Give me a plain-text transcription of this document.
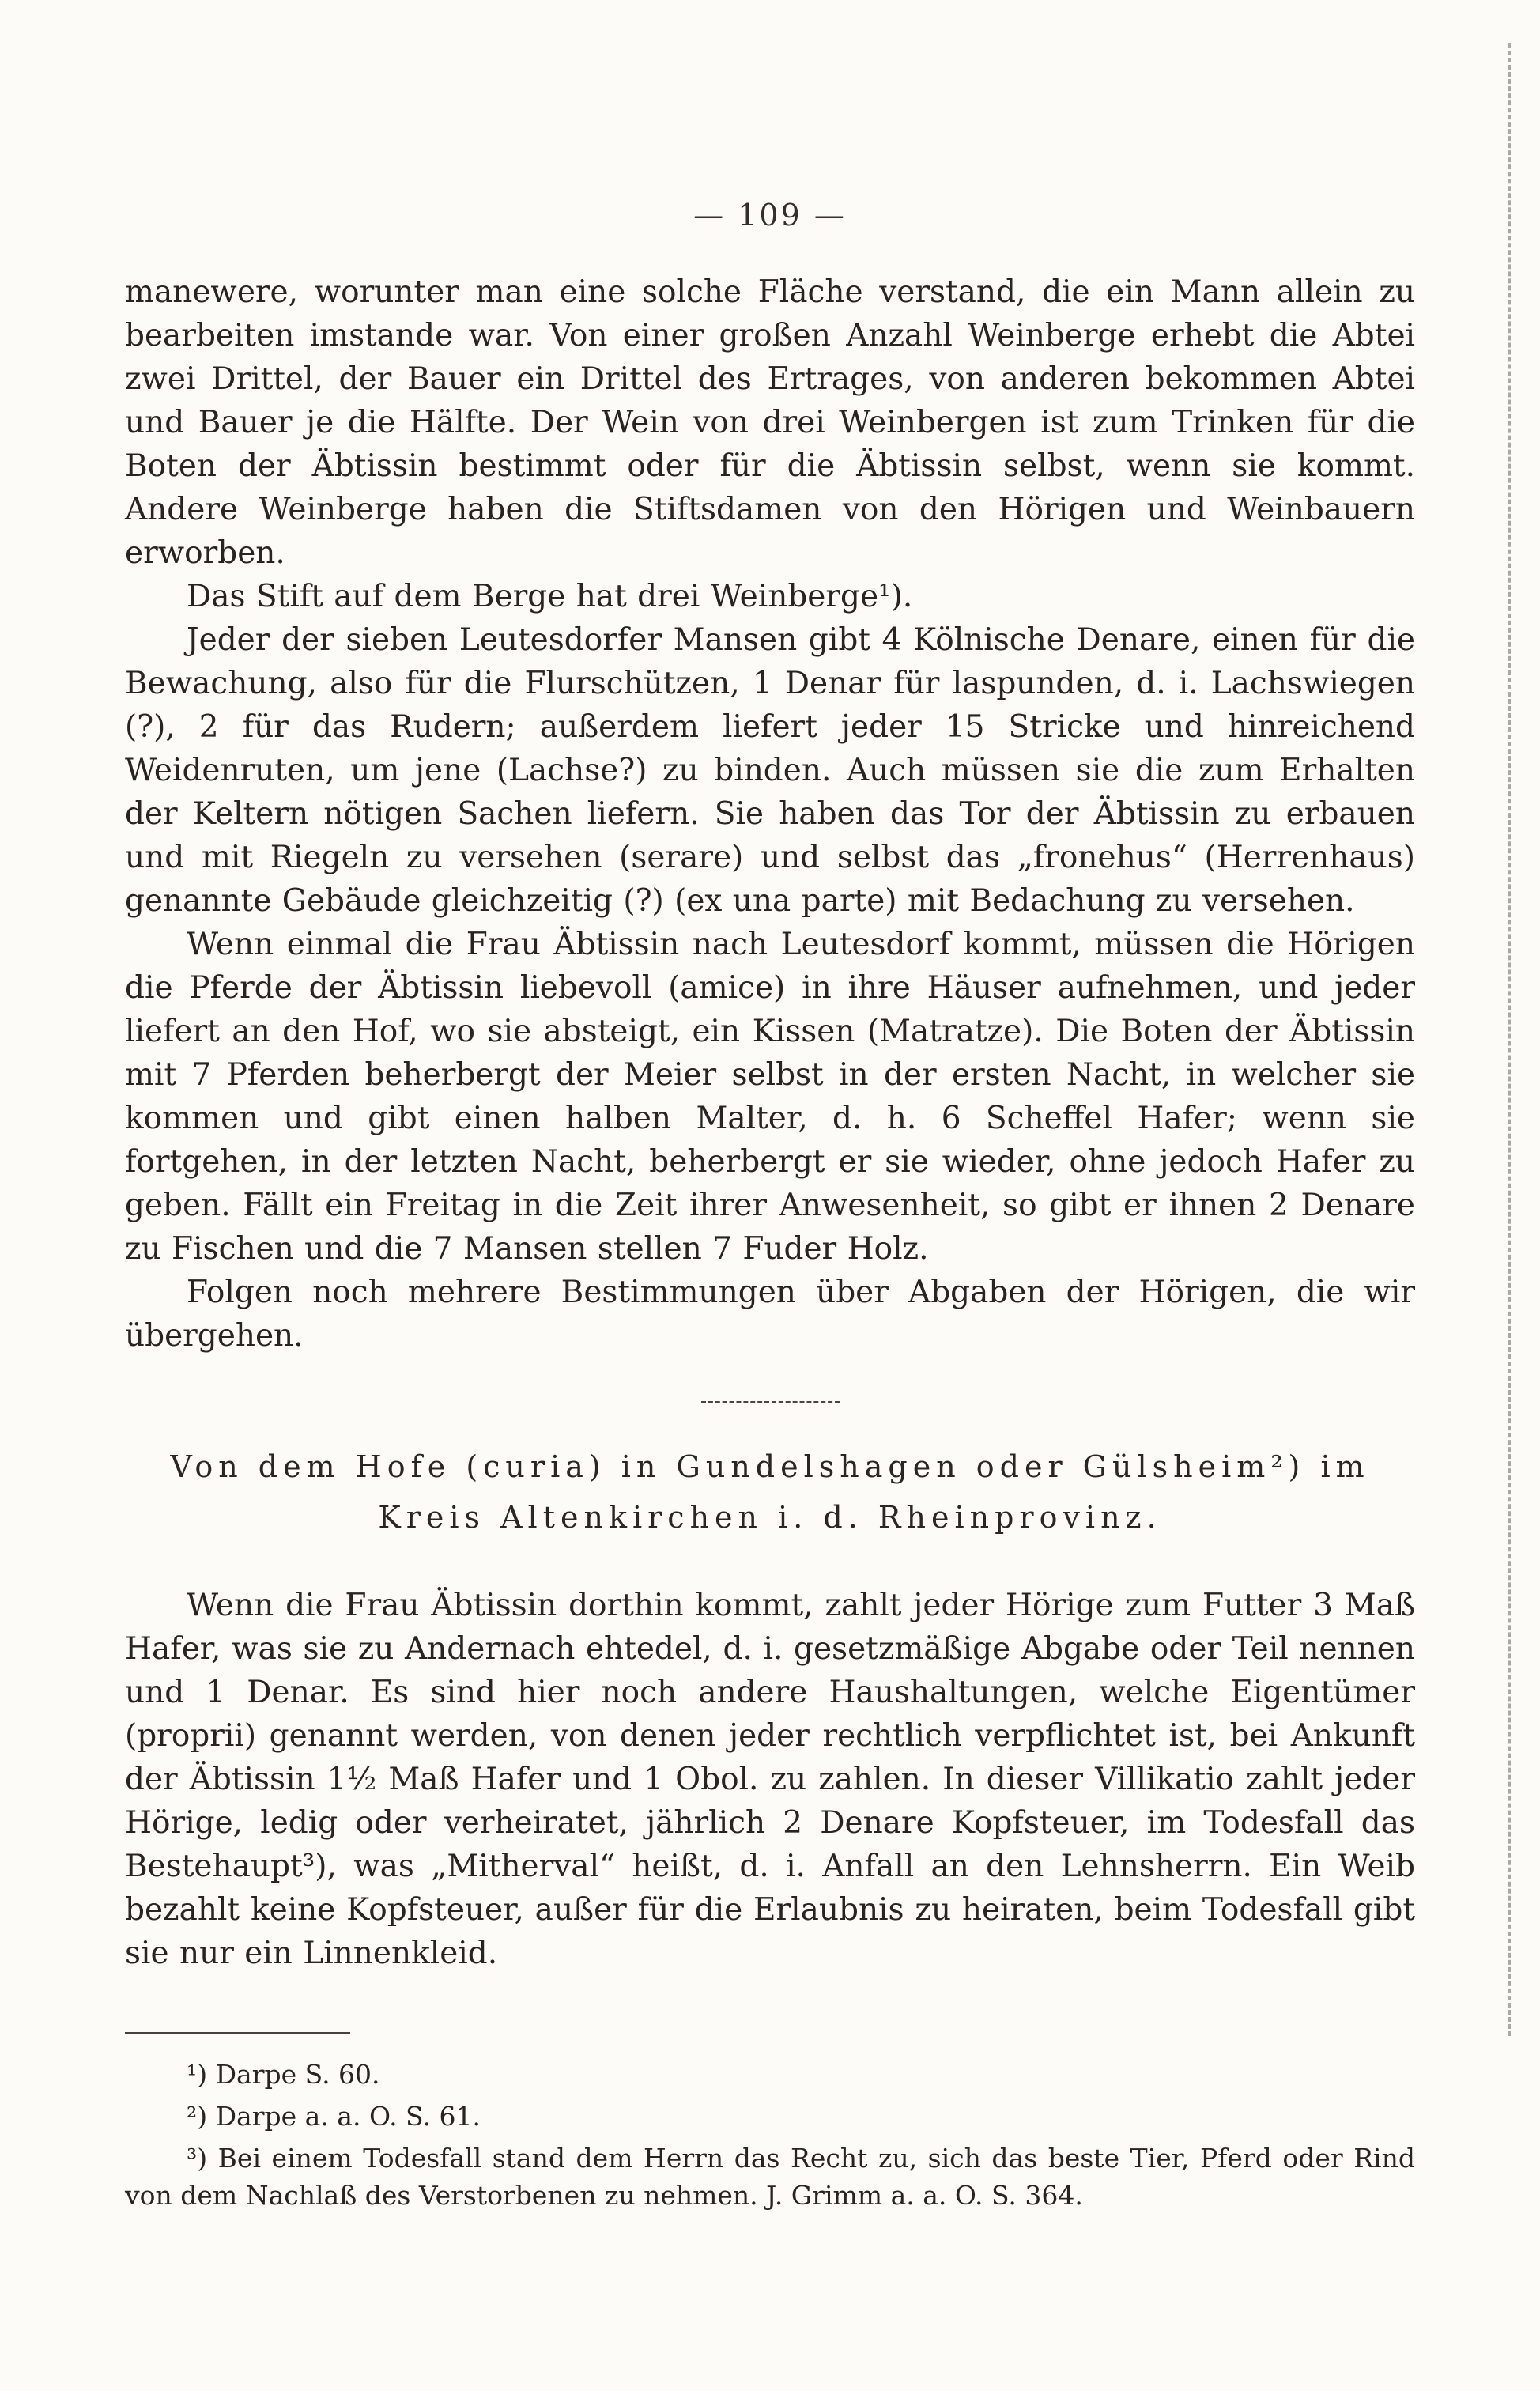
— 109 —

manewere, worunter man eine solche Fläche verstand, die ein Mann allein zu bearbeiten imstande war. Von einer großen Anzahl Weinberge erhebt die Abtei zwei Drittel, der Bauer ein Drittel des Ertrages, von anderen bekommen Abtei und Bauer je die Hälfte. Der Wein von drei Weinbergen ist zum Trinken für die Boten der Äbtissin bestimmt oder für die Äbtissin selbst, wenn sie kommt. Andere Weinberge haben die Stiftsdamen von den Hörigen und Weinbauern erworben.

Das Stift auf dem Berge hat drei Weinberge¹).

Jeder der sieben Leutesdorfer Mansen gibt 4 Kölnische Denare, einen für die Bewachung, also für die Flurschützen, 1 Denar für laspunden, d. i. Lachswiegen (?), 2 für das Rudern; außerdem liefert jeder 15 Stricke und hinreichend Weidenruten, um jene (Lachse?) zu binden. Auch müssen sie die zum Erhalten der Keltern nötigen Sachen liefern. Sie haben das Tor der Äbtissin zu erbauen und mit Riegeln zu versehen (serare) und selbst das „fronehus“ (Herrenhaus) genannte Gebäude gleichzeitig (?) (ex una parte) mit Bedachung zu versehen.

Wenn einmal die Frau Äbtissin nach Leutesdorf kommt, müssen die Hörigen die Pferde der Äbtissin liebevoll (amice) in ihre Häuser aufnehmen, und jeder liefert an den Hof, wo sie absteigt, ein Kissen (Matratze). Die Boten der Äbtissin mit 7 Pferden beherbergt der Meier selbst in der ersten Nacht, in welcher sie kommen und gibt einen halben Malter, d. h. 6 Scheffel Hafer; wenn sie fortgehen, in der letzten Nacht, beherbergt er sie wieder, ohne jedoch Hafer zu geben. Fällt ein Freitag in die Zeit ihrer Anwesenheit, so gibt er ihnen 2 Denare zu Fischen und die 7 Mansen stellen 7 Fuder Holz.

Folgen noch mehrere Bestimmungen über Abgaben der Hörigen, die wir übergehen.

Von dem Hofe (curia) in Gundelshagen oder Gülsheim²) im
Kreis Altenkirchen i. d. Rheinprovinz.

Wenn die Frau Äbtissin dorthin kommt, zahlt jeder Hörige zum Futter 3 Maß Hafer, was sie zu Andernach ehtedel, d. i. gesetzmäßige Abgabe oder Teil nennen und 1 Denar. Es sind hier noch andere Haushaltungen, welche Eigentümer (proprii) genannt werden, von denen jeder rechtlich verpflichtet ist, bei Ankunft der Äbtissin 1½ Maß Hafer und 1 Obol. zu zahlen. In dieser Villikatio zahlt jeder Hörige, ledig oder verheiratet, jährlich 2 Denare Kopfsteuer, im Todesfall das Bestehaupt³), was „Mitherval“ heißt, d. i. Anfall an den Lehnsherrn. Ein Weib bezahlt keine Kopfsteuer, außer für die Erlaubnis zu heiraten, beim Todesfall gibt sie nur ein Linnenkleid.

¹) Darpe S. 60.

²) Darpe a. a. O. S. 61.

³) Bei einem Todesfall stand dem Herrn das Recht zu, sich das beste Tier, Pferd oder Rind von dem Nachlaß des Verstorbenen zu nehmen. J. Grimm a. a. O. S. 364.
